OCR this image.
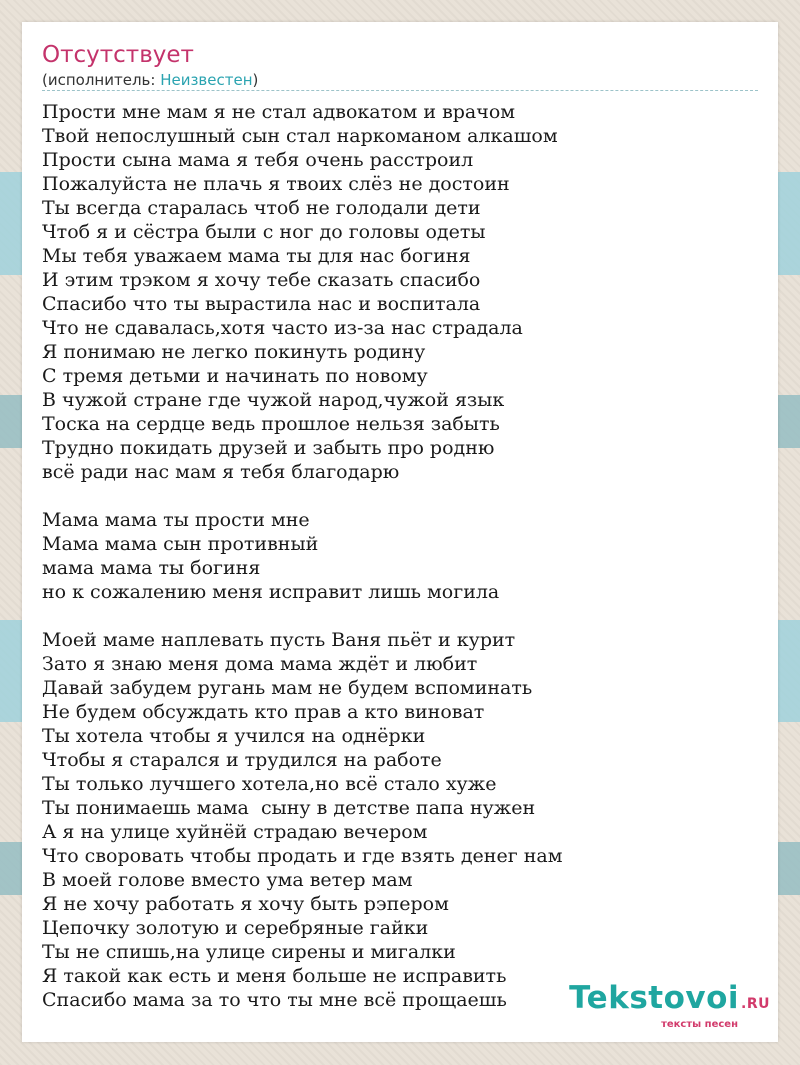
Отсутствует
(исполнитель: Неизвестен)
Прости мне мам я не стал адвокатом и врачом
Твой непослушный сын стал наркоманом алкашом
Прости сына мама я тебя очень расстроил
Пожалуйста не плачь я твоих слёз не достоин
Ты всегда старалась чтоб не голодали дети
Чтоб я и сёстра были с ног до головы одеты
Мы тебя уважаем мама ты для нас богиня
И этим трэком я хочу тебе сказать спасибо
Спасибо что ты вырастила нас и воспитала
Что не сдавалась,хотя часто из-за нас страдала
Я понимаю не легко покинуть родину
С тремя детьми и начинать по новому
В чужой стране где чужой народ,чужой язык
Тоска на сердце ведь прошлое нельзя забыть
Трудно покидать друзей и забыть про родню
всё ради нас мам я тебя благодарю
Мама мама ты прости мне
Мама мама сын противный
мама мама ты богиня
но к сожалению меня исправит лишь могила
Моей маме наплевать пусть Ваня пьёт и курит
Зато я знаю меня дома мама ждёт и любит
Давай забудем ругань мам не будем вспоминать
Не будем обсуждать кто прав а кто виноват
Ты хотела чтобы я учился на однёрки
Чтобы я старался и трудился на работе
Ты только лучшего хотела,но всё стало хуже
Ты понимаешь мама  сыну в детстве папа нужен
А я на улице хуйнёй страдаю вечером
Что своровать чтобы продать и где взять денег нам
В моей голове вместо ума ветер мам
Я не хочу работать я хочу быть рэпером
Цепочку золотую и серебряные гайки
Ты не спишь,на улице сирены и мигалки
Я такой как есть и меня больше не исправить
Спасибо мама за то что ты мне всё прощаешь	Tekstovoi .RU
тексты песен
